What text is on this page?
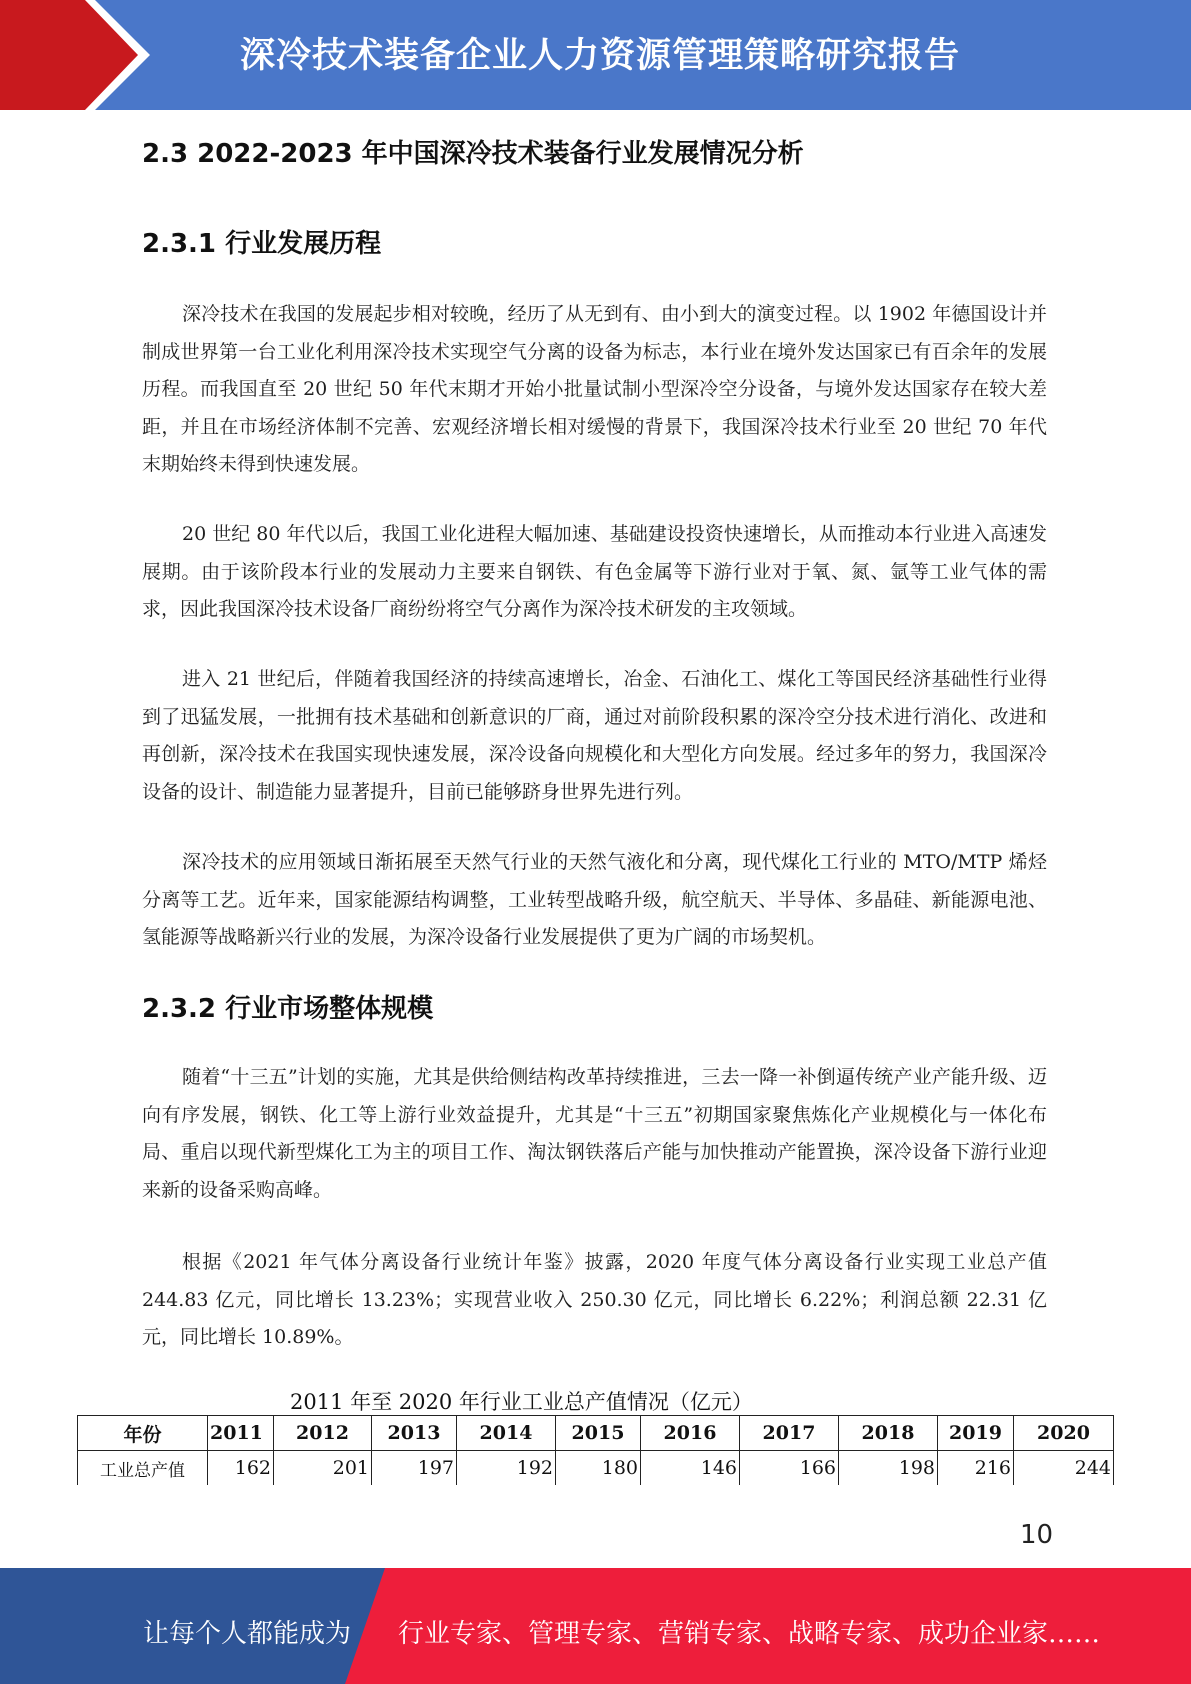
深冷技术装备企业人力资源管理策略研究报告
2.3 2022-2023 年中国深冷技术装备行业发展情况分析
2.3.1 行业发展历程

深冷技术在我国的发展起步相对较晚，经历了从无到有、由小到大的演变过程。以 1902 年德国设计并制成世界第一台工业化利用深冷技术实现空气分离的设备为标志，本行业在境外发达国家已有百余年的发展历程。而我国直至 20 世纪 50 年代末期才开始小批量试制小型深冷空分设备，与境外发达国家存在较大差距，并且在市场经济体制不完善、宏观经济增长相对缓慢的背景下，我国深冷技术行业至 20 世纪 70 年代末期始终未得到快速发展。

20 世纪 80 年代以后，我国工业化进程大幅加速、基础建设投资快速增长，从而推动本行业进入高速发展期。由于该阶段本行业的发展动力主要来自钢铁、有色金属等下游行业对于氧、氮、氩等工业气体的需求，因此我国深冷技术设备厂商纷纷将空气分离作为深冷技术研发的主攻领域。

进入 21 世纪后，伴随着我国经济的持续高速增长，冶金、石油化工、煤化工等国民经济基础性行业得到了迅猛发展，一批拥有技术基础和创新意识的厂商，通过对前阶段积累的深冷空分技术进行消化、改进和再创新，深冷技术在我国实现快速发展，深冷设备向规模化和大型化方向发展。经过多年的努力，我国深冷设备的设计、制造能力显著提升，目前已能够跻身世界先进行列。

深冷技术的应用领域日渐拓展至天然气行业的天然气液化和分离，现代煤化工行业的 MTO/MTP 烯烃分离等工艺。近年来，国家能源结构调整，工业转型战略升级，航空航天、半导体、多晶硅、新能源电池、氢能源等战略新兴行业的发展，为深冷设备行业发展提供了更为广阔的市场契机。

2.3.2 行业市场整体规模

随着“十三五”计划的实施，尤其是供给侧结构改革持续推进，三去一降一补倒逼传统产业产能升级、迈向有序发展，钢铁、化工等上游行业效益提升，尤其是“十三五”初期国家聚焦炼化产业规模化与一体化布局、重启以现代新型煤化工为主的项目工作、淘汰钢铁落后产能与加快推动产能置换，深冷设备下游行业迎来新的设备采购高峰。

根据《2021 年气体分离设备行业统计年鉴》披露，2020 年度气体分离设备行业实现工业总产值 244.83 亿元，同比增长 13.23%；实现营业收入 250.30 亿元，同比增长 6.22%；利润总额 22.31 亿元，同比增长 10.89%。

2011 年至 2020 年行业工业总产值情况（亿元）
年份	2011	2012	2013	2014	2015	2016	2017	2018	2019	2020
工业总产值	162	201	197	192	180	146	166	198	216	244
10
让每个人都能成为 行业专家、管理专家、营销专家、战略专家、成功企业家……
